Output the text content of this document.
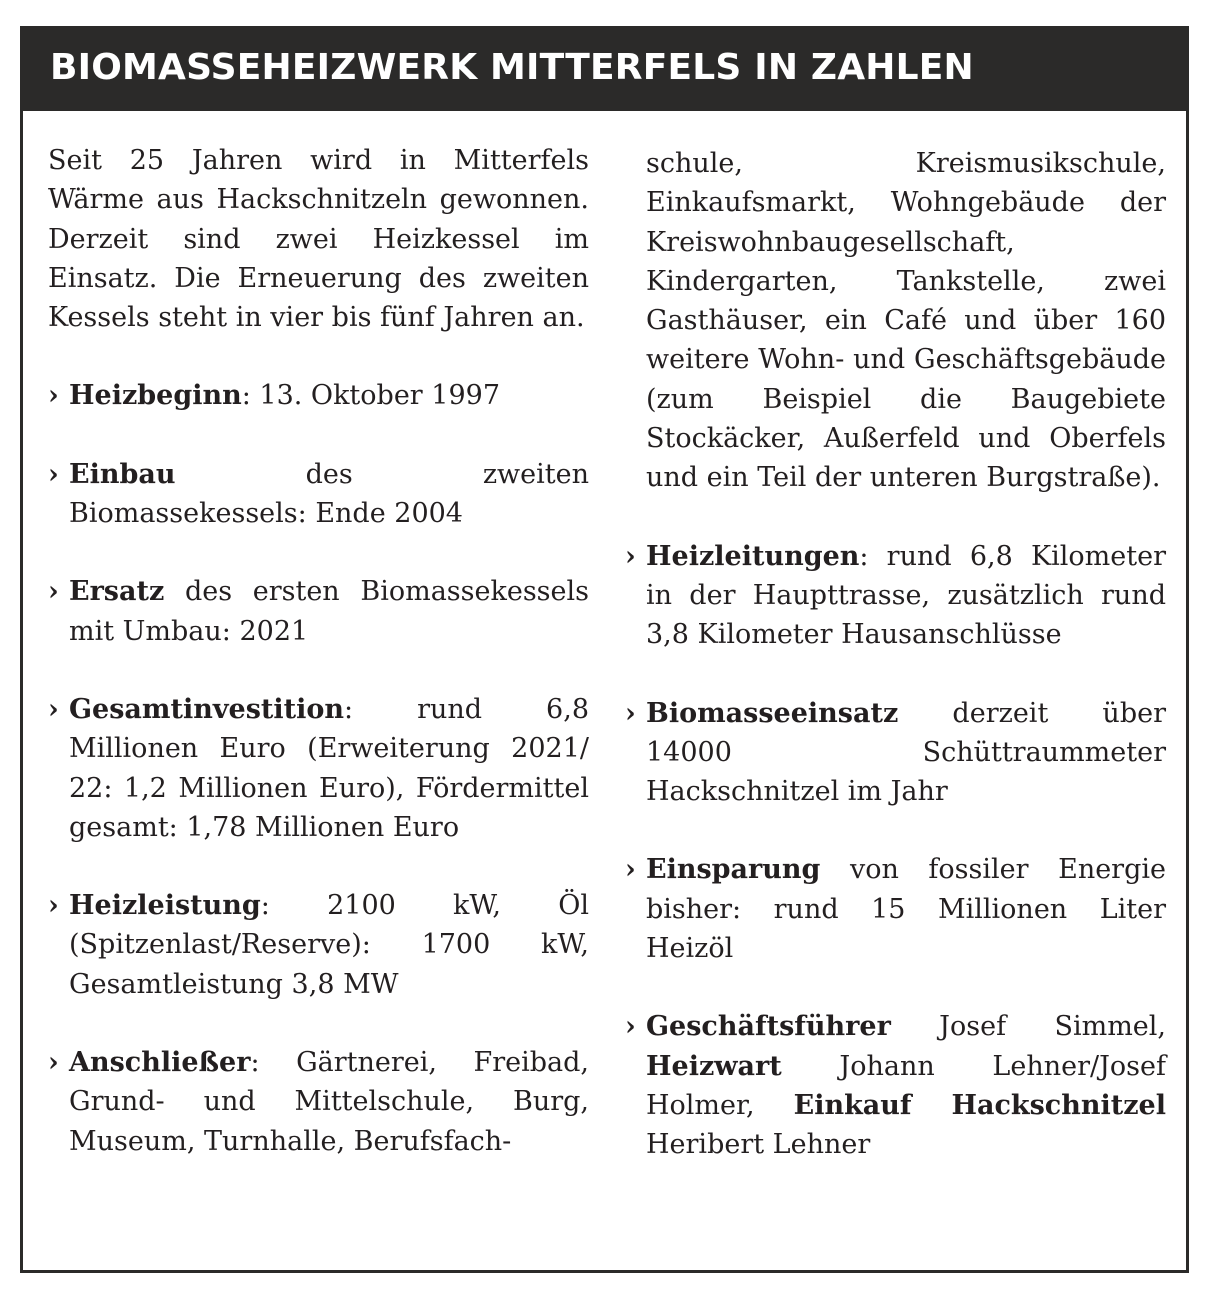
BIOMASSEHEIZWERK MITTERFELS IN ZAHLEN

Seit 25 Jahren wird in Mitterfels Wärme aus Hackschnitzeln gewonnen. Derzeit sind zwei Heizkessel im Einsatz. Die Erneuerung des zweiten Kessels steht in vier bis fünf Jahren an.

› Heizbeginn: 13. Oktober 1997
› Einbau des zweiten Biomassekessels: Ende 2004
› Ersatz des ersten Biomassekessels mit Umbau: 2021
› Gesamtinvestition: rund 6,8 Millionen Euro (Erweiterung 2021/ 22: 1,2 Millionen Euro), Fördermittel gesamt: 1,78 Millionen Euro
› Heizleistung: 2100 kW, Öl (Spitzenlast/Reserve): 1700 kW, Gesamtleistung 3,8 MW
› Anschließer: Gärtnerei, Freibad, Grund- und Mittelschule, Burg, Museum, Turnhalle, Berufsfach-

schule, Kreismusikschule, Einkaufsmarkt, Wohngebäude der Kreiswohnbaugesellschaft, Kindergarten, Tankstelle, zwei Gasthäuser, ein Café und über 160 weitere Wohn- und Geschäftsgebäude (zum Beispiel die Baugebiete Stockäcker, Außerfeld und Oberfels und ein Teil der unteren Burgstraße).

› Heizleitungen: rund 6,8 Kilometer in der Haupttrasse, zusätzlich rund 3,8 Kilometer Hausanschlüsse
› Biomasseeinsatz derzeit über 14000 Schüttraummeter Hackschnitzel im Jahr
› Einsparung von fossiler Energie bisher: rund 15 Millionen Liter Heizöl
› Geschäftsführer Josef Simmel, Heizwart Johann Lehner/Josef Holmer, Einkauf Hackschnitzel Heribert Lehner
